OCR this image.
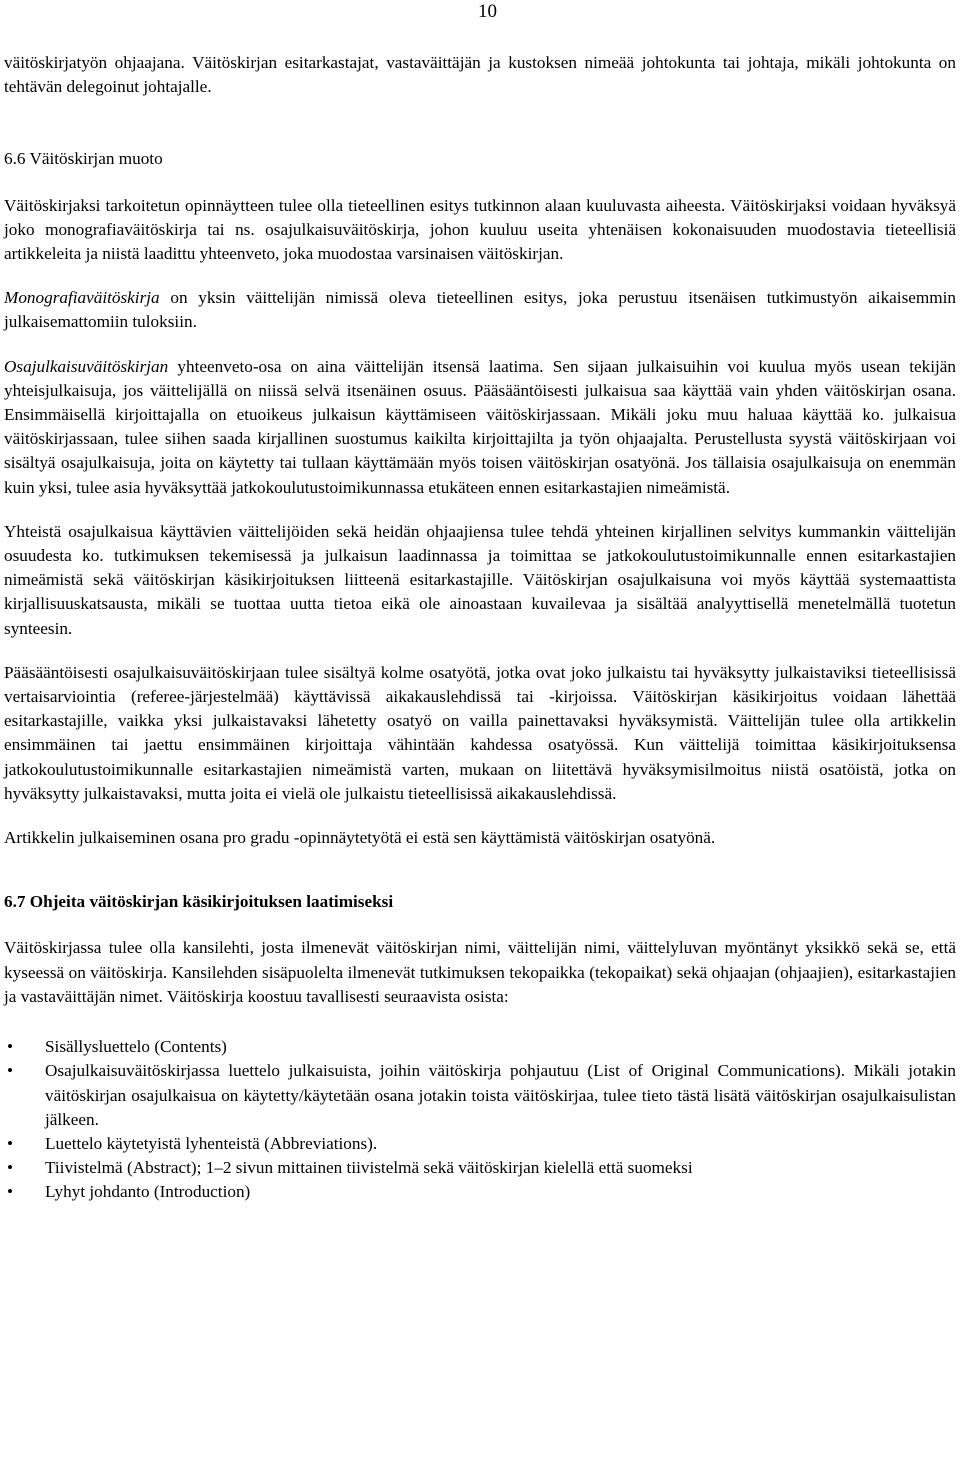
10

väitöskirjatyön ohjaajana. Väitöskirjan esitarkastajat, vastaväittäjän ja kustoksen nimeää johtokunta tai johtaja, mikäli johtokunta on tehtävän delegoinut johtajalle.

6.6 Väitöskirjan muoto

Väitöskirjaksi tarkoitetun opinnäytteen tulee olla tieteellinen esitys tutkinnon alaan kuuluvasta aiheesta. Väitöskirjaksi voidaan hyväksyä joko monografiaväitöskirja tai ns. osajulkaisuväitöskirja, johon kuuluu useita yhtenäisen kokonaisuuden muodostavia tieteellisiä artikkeleita ja niistä laadittu yhteenveto, joka muodostaa varsinaisen väitöskirjan.

Monografiaväitöskirja on yksin väittelijän nimissä oleva tieteellinen esitys, joka perustuu itsenäisen tutkimustyön aikaisemmin julkaisemattomiin tuloksiin.

Osajulkaisuväitöskirjan yhteenveto-osa on aina väittelijän itsensä laatima. Sen sijaan julkaisuihin voi kuulua myös usean tekijän yhteisjulkaisuja, jos väittelijällä on niissä selvä itsenäinen osuus. Pääsääntöisesti julkaisua saa käyttää vain yhden väitöskirjan osana. Ensimmäisellä kirjoittajalla on etuoikeus julkaisun käyttämiseen väitöskirjassaan. Mikäli joku muu haluaa käyttää ko. julkaisua väitöskirjassaan, tulee siihen saada kirjallinen suostumus kaikilta kirjoittajilta ja työn ohjaajalta. Perustellusta syystä väitöskirjaan voi sisältyä osajulkaisuja, joita on käytetty tai tullaan käyttämään myös toisen väitöskirjan osatyönä. Jos tällaisia osajulkaisuja on enemmän kuin yksi, tulee asia hyväksyttää jatkokoulutustoimikunnassa etukäteen ennen esitarkastajien nimeämistä.

Yhteistä osajulkaisua käyttävien väittelijöiden sekä heidän ohjaajiensa tulee tehdä yhteinen kirjallinen selvitys kummankin väittelijän osuudesta ko. tutkimuksen tekemisessä ja julkaisun laadinnassa ja toimittaa se jatkokoulutustoimikunnalle ennen esitarkastajien nimeämistä sekä väitöskirjan käsikirjoituksen liitteenä esitarkastajille. Väitöskirjan osajulkaisuna voi myös käyttää systemaattista kirjallisuuskatsausta, mikäli se tuottaa uutta tietoa eikä ole ainoastaan kuvailevaa ja sisältää analyyttisellä menetelmällä tuotetun synteesin.

Pääsääntöisesti osajulkaisuväitöskirjaan tulee sisältyä kolme osatyötä, jotka ovat joko julkaistu tai hyväksytty julkaistaviksi tieteellisissä vertaisarviointia (referee-järjestelmää) käyttävissä aikakauslehdissä tai -kirjoissa. Väitöskirjan käsikirjoitus voidaan lähettää esitarkastajille, vaikka yksi julkaistavaksi lähetetty osatyö on vailla painettavaksi hyväksymistä. Väittelijän tulee olla artikkelin ensimmäinen tai jaettu ensimmäinen kirjoittaja vähintään kahdessa osatyössä. Kun väittelijä toimittaa käsikirjoituksensa jatkokoulutustoimikunnalle esitarkastajien nimeämistä varten, mukaan on liitettävä hyväksymisilmoitus niistä osatöistä, jotka on hyväksytty julkaistavaksi, mutta joita ei vielä ole julkaistu tieteellisissä aikakauslehdissä.

Artikkelin julkaiseminen osana pro gradu -opinnäytetyötä ei estä sen käyttämistä väitöskirjan osatyönä.

6.7 Ohjeita väitöskirjan käsikirjoituksen laatimiseksi

Väitöskirjassa tulee olla kansilehti, josta ilmenevät väitöskirjan nimi, väittelijän nimi, väittelyluvan myöntänyt yksikkö sekä se, että kyseessä on väitöskirja. Kansilehden sisäpuolelta ilmenevät tutkimuksen tekopaikka (tekopaikat) sekä ohjaajan (ohjaajien), esitarkastajien ja vastaväittäjän nimet. Väitöskirja koostuu tavallisesti seuraavista osista:

• Sisällysluettelo (Contents)
• Osajulkaisuväitöskirjassa luettelo julkaisuista, joihin väitöskirja pohjautuu (List of Original Communications). Mikäli jotakin väitöskirjan osajulkaisua on käytetty/käytetään osana jotakin toista väitöskirjaa, tulee tieto tästä lisätä väitöskirjan osajulkaisulistan jälkeen.
• Luettelo käytetyistä lyhenteistä (Abbreviations).
• Tiivistelmä (Abstract); 1–2 sivun mittainen tiivistelmä sekä väitöskirjan kielellä että suomeksi
• Lyhyt johdanto (Introduction)
